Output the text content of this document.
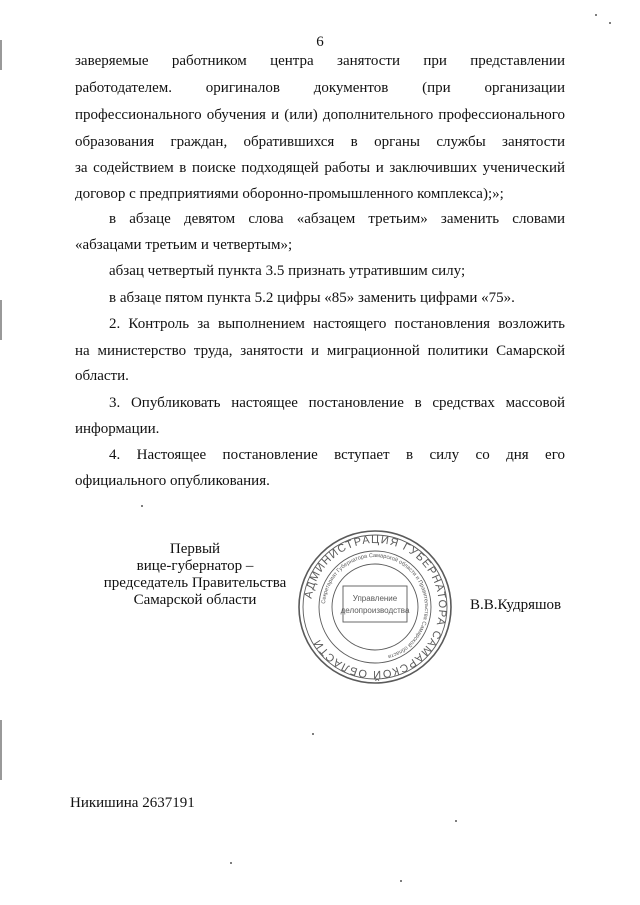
6
заверяемые работником центра занятости при представлении
работодателем. оригиналов документов (при организации
профессионального обучения и (или) дополнительного профессионального
образования граждан, обратившихся в органы службы занятости
за содействием в поиске подходящей работы и заключивших ученический
договор с предприятиями оборонно-промышленного комплекса);»;
в абзаце девятом слова «абзацем третьим» заменить словами
«абзацами третьим и четвертым»;
абзац четвертый пункта 3.5 признать утратившим силу;
в абзаце пятом пункта 5.2 цифры «85» заменить цифрами «75».
2. Контроль за выполнением настоящего постановления возложить
на министерство труда, занятости и миграционной политики Самарской
области.
3. Опубликовать настоящее постановление в средствах массовой
информации.
4. Настоящее постановление вступает в силу со дня его
официального опубликования.
Первый
вице-губернатор –
председатель Правительства
Самарской области	АДМИНИСТРАЦИЯ ГУБЕРНАТОРА САМАРСКОЙ ОБЛАСТИ
Секретариат Губернатора Самарской области и Правительства Самарской области
Управление
делопроизводства	В.В.Кудряшов
Никишина 2637191
